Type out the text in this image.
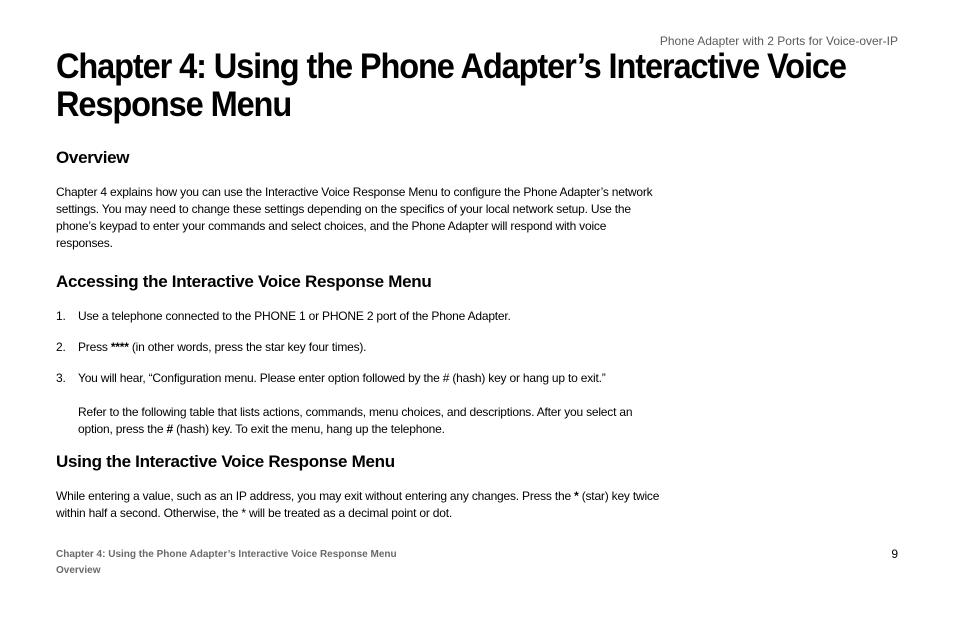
Phone Adapter with 2 Ports for Voice-over-IP
Chapter 4: Using the Phone Adapter’s Interactive Voice Response Menu
Overview

Chapter 4 explains how you can use the Interactive Voice Response Menu to configure the Phone Adapter’s network settings. You may need to change these settings depending on the specifics of your local network setup. Use the phone’s keypad to enter your commands and select choices, and the Phone Adapter will respond with voice responses.

Accessing the Interactive Voice Response Menu
1. Use a telephone connected to the PHONE 1 or PHONE 2 port of the Phone Adapter.
2. Press **** (in other words, press the star key four times).
3. You will hear, “Configuration menu. Please enter option followed by the # (hash) key or hang up to exit.”
Refer to the following table that lists actions, commands, menu choices, and descriptions. After you select an option, press the # (hash) key. To exit the menu, hang up the telephone.
Using the Interactive Voice Response Menu

While entering a value, such as an IP address, you may exit without entering any changes. Press the * (star) key twice within half a second. Otherwise, the * will be treated as a decimal point or dot.

Chapter 4: Using the Phone Adapter’s Interactive Voice Response Menu
Overview
9
